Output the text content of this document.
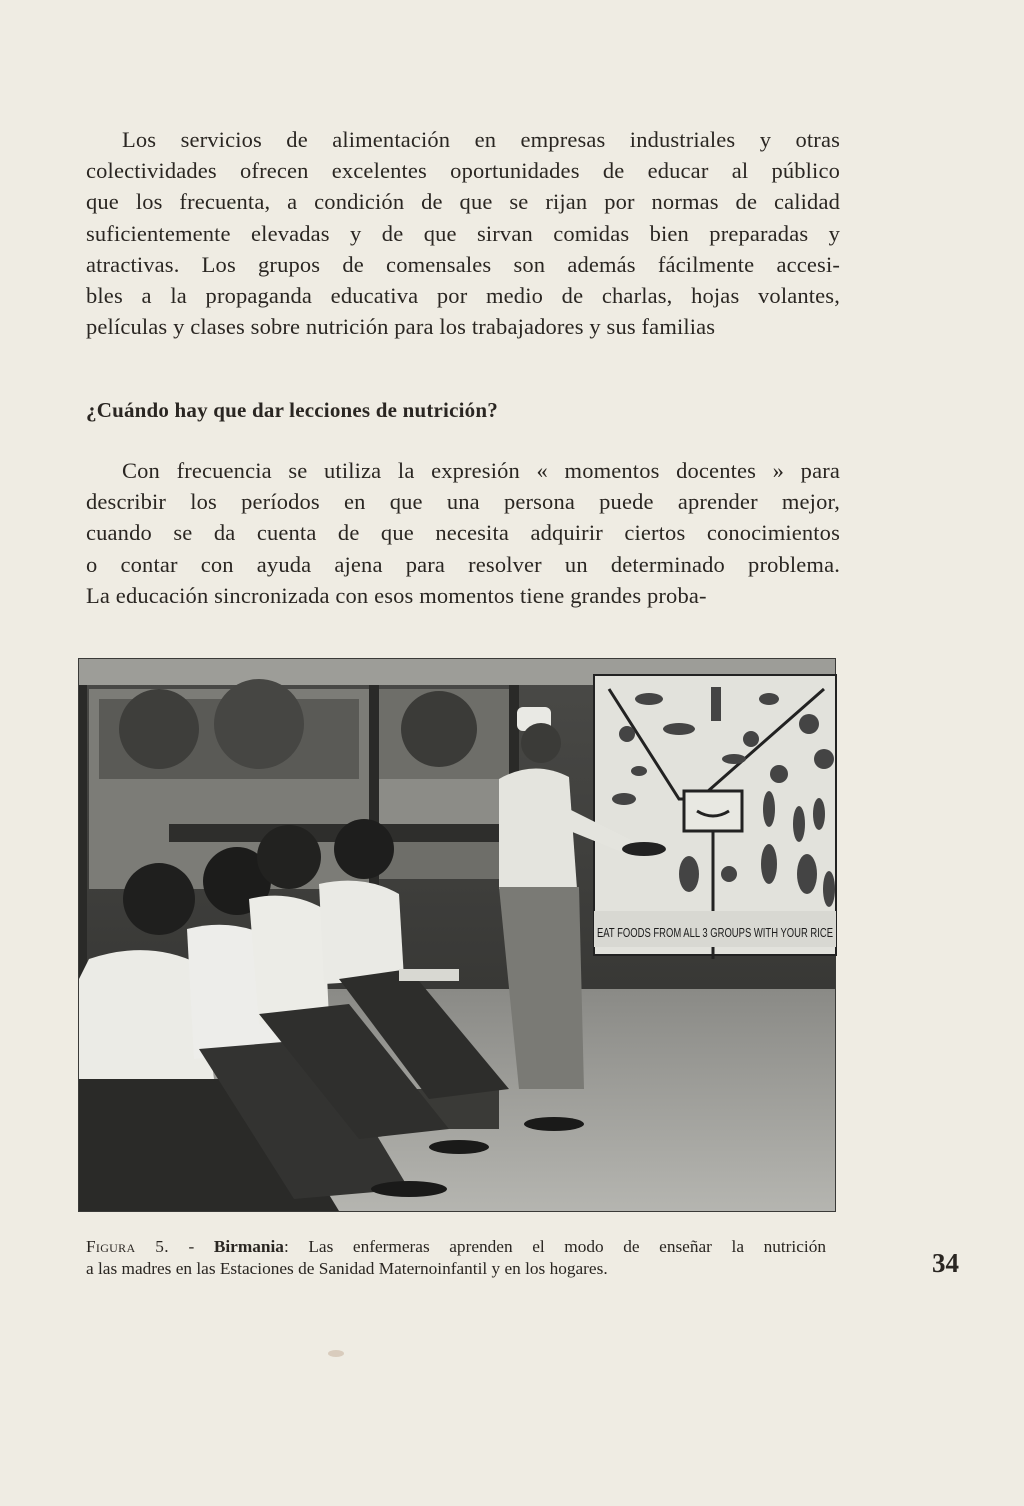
Los servicios de alimentación en empresas industriales y otras
colectividades ofrecen excelentes oportunidades de educar al público
que los frecuenta, a condición de que se rijan por normas de calidad
suficientemente elevadas y de que sirvan comidas bien preparadas y
atractivas. Los grupos de comensales son además fácilmente accesi-
bles a la propaganda educativa por medio de charlas, hojas volantes,
películas y clases sobre nutrición para los trabajadores y sus familias

¿Cuándo hay que dar lecciones de nutrición?

Con frecuencia se utiliza la expresión « momentos docentes » para
describir los períodos en que una persona puede aprender mejor,
cuando se da cuenta de que necesita adquirir ciertos conocimientos
o contar con ayuda ajena para resolver un determinado problema.
La educación sincronizada con esos momentos tiene grandes proba-

EAT FOODS FROM ALL 3 GROUPS WITH YOUR RICE

Figura 5. - Birmania: Las enfermeras aprenden el modo de enseñar la nutrición
a las madres en las Estaciones de Sanidad Maternoinfantil y en los hogares.	34
